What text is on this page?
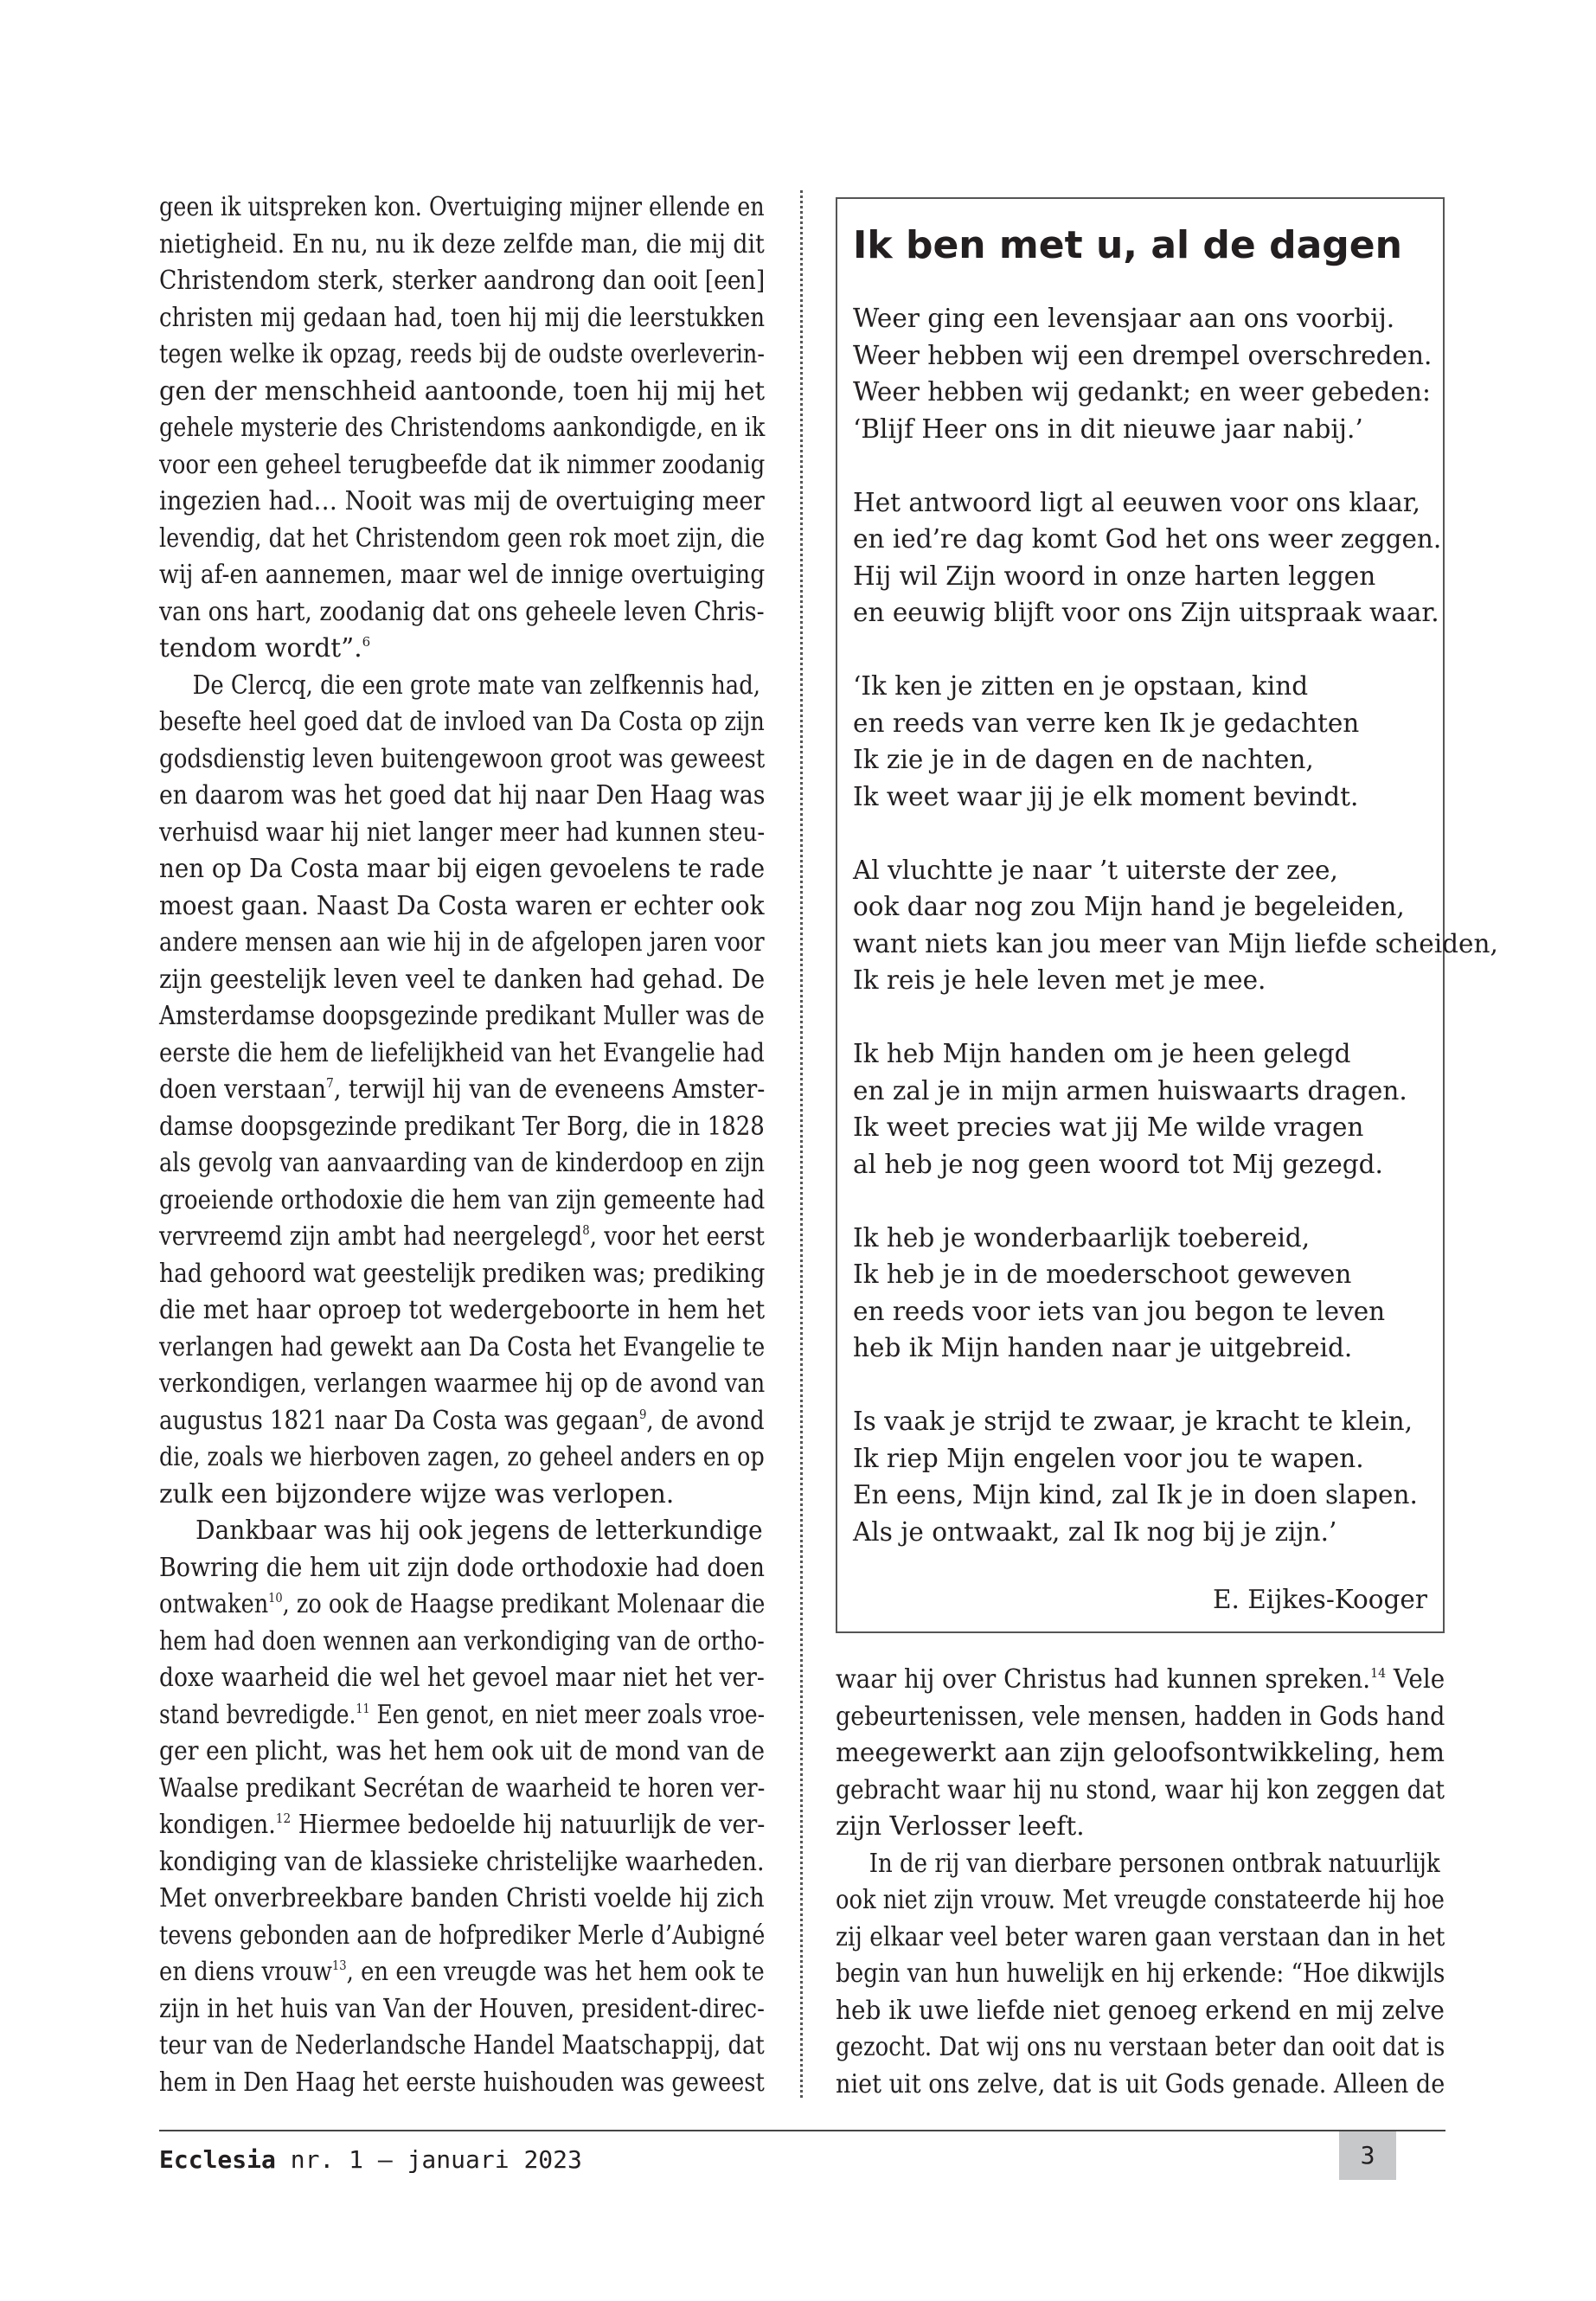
geen ik uitspreken kon. Overtuiging mijner ellende en
nietigheid. En nu, nu ik deze zelfde man, die mij dit
Christendom sterk, sterker aandrong dan ooit [een]
christen mij gedaan had, toen hij mij die leerstukken
tegen welke ik opzag, reeds bij de oudste overleverin-
gen der menschheid aantoonde, toen hij mij het
gehele mysterie des Christendoms aankondigde, en ik
voor een geheel terugbeefde dat ik nimmer zoodanig
ingezien had… Nooit was mij de overtuiging meer
levendig, dat het Christendom geen rok moet zijn, die
wij af-en aannemen, maar wel de innige overtuiging
van ons hart, zoodanig dat ons geheele leven Chris-
tendom wordt”.$^6$
De Clercq, die een grote mate van zelfkennis had,
besefte heel goed dat de invloed van Da Costa op zijn
godsdienstig leven buitengewoon groot was geweest
en daarom was het goed dat hij naar Den Haag was
verhuisd waar hij niet langer meer had kunnen steu-
nen op Da Costa maar bij eigen gevoelens te rade
moest gaan. Naast Da Costa waren er echter ook
andere mensen aan wie hij in de afgelopen jaren voor
zijn geestelijk leven veel te danken had gehad. De
Amsterdamse doopsgezinde predikant Muller was de
eerste die hem de liefelijkheid van het Evangelie had
doen verstaan$^7$, terwijl hij van de eveneens Amster-
damse doopsgezinde predikant Ter Borg, die in 1828
als gevolg van aanvaarding van de kinderdoop en zijn
groeiende orthodoxie die hem van zijn gemeente had
vervreemd zijn ambt had neergelegd$^8$, voor het eerst
had gehoord wat geestelijk prediken was; prediking
die met haar oproep tot wedergeboorte in hem het
verlangen had gewekt aan Da Costa het Evangelie te
verkondigen, verlangen waarmee hij op de avond van
augustus 1821 naar Da Costa was gegaan$^9$, de avond
die, zoals we hierboven zagen, zo geheel anders en op
zulk een bijzondere wijze was verlopen.
Dankbaar was hij ook jegens de letterkundige
Bowring die hem uit zijn dode orthodoxie had doen
ontwaken$^{10}$, zo ook de Haagse predikant Molenaar die
hem had doen wennen aan verkondiging van de ortho-
doxe waarheid die wel het gevoel maar niet het ver-
stand bevredigde.$^{11}$ Een genot, en niet meer zoals vroe-
ger een plicht, was het hem ook uit de mond van de
Waalse predikant Secrétan de waarheid te horen ver-
kondigen.$^{12}$ Hiermee bedoelde hij natuurlijk de ver-
kondiging van de klassieke christelijke waarheden.
Met onverbreekbare banden Christi voelde hij zich
tevens gebonden aan de hofprediker Merle d’Aubigné
en diens vrouw$^{13}$, en een vreugde was het hem ook te
zijn in het huis van Van der Houven, president-direc-
teur van de Nederlandsche Handel Maatschappij, dat
hem in Den Haag het eerste huishouden was geweest
Ik ben met u, al de dagen
Weer ging een levensjaar aan ons voorbij.
Weer hebben wij een drempel overschreden.
Weer hebben wij gedankt; en weer gebeden:
‘Blijf Heer ons in dit nieuwe jaar nabij.’
Het antwoord ligt al eeuwen voor ons klaar,
en ied’re dag komt God het ons weer zeggen.
Hij wil Zijn woord in onze harten leggen
en eeuwig blijft voor ons Zijn uitspraak waar.
‘Ik ken je zitten en je opstaan, kind
en reeds van verre ken Ik je gedachten
Ik zie je in de dagen en de nachten,
Ik weet waar jij je elk moment bevindt.
Al vluchtte je naar ’t uiterste der zee,
ook daar nog zou Mijn hand je begeleiden,
want niets kan jou meer van Mijn liefde scheiden,
Ik reis je hele leven met je mee.
Ik heb Mijn handen om je heen gelegd
en zal je in mijn armen huiswaarts dragen.
Ik weet precies wat jij Me wilde vragen
al heb je nog geen woord tot Mij gezegd.
Ik heb je wonderbaarlijk toebereid,
Ik heb je in de moederschoot geweven
en reeds voor iets van jou begon te leven
heb ik Mijn handen naar je uitgebreid.
Is vaak je strijd te zwaar, je kracht te klein,
Ik riep Mijn engelen voor jou te wapen.
En eens, Mijn kind, zal Ik je in doen slapen.
Als je ontwaakt, zal Ik nog bij je zijn.’
E. Eijkes-Kooger
waar hij over Christus had kunnen spreken.$^{14}$ Vele
gebeurtenissen, vele mensen, hadden in Gods hand
meegewerkt aan zijn geloofsontwikkeling, hem
gebracht waar hij nu stond, waar hij kon zeggen dat
zijn Verlosser leeft.
In de rij van dierbare personen ontbrak natuurlijk
ook niet zijn vrouw. Met vreugde constateerde hij hoe
zij elkaar veel beter waren gaan verstaan dan in het
begin van hun huwelijk en hij erkende: “Hoe dikwijls
heb ik uwe liefde niet genoeg erkend en mij zelve
gezocht. Dat wij ons nu verstaan beter dan ooit dat is
niet uit ons zelve, dat is uit Gods genade. Alleen de
Ecclesia nr. 1 – januari 2023	3
